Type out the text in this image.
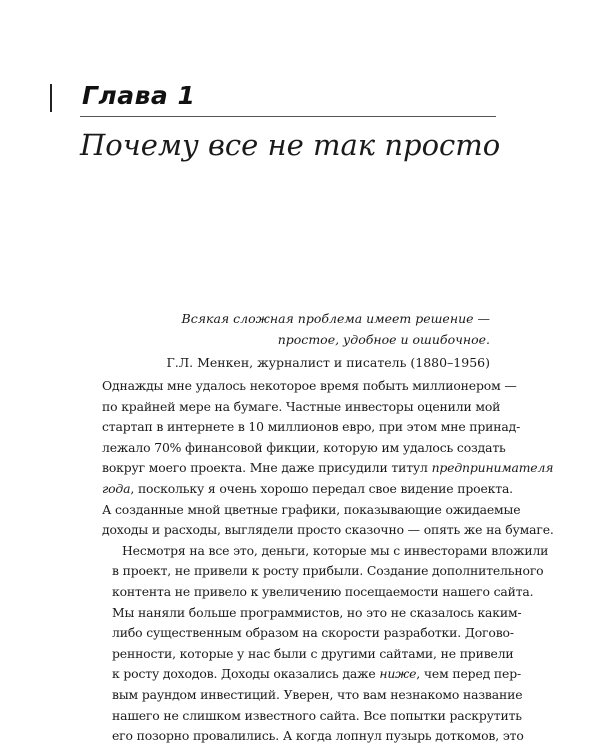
Глава 1
Почему все не так просто
Всякая сложная проблема имеет решение —
простое, удобное и ошибочное.
Г.Л. Менкен, журналист и писатель (1880–1956)

Однажды мне удалось некоторое время побыть миллионером —
по крайней мере на бумаге. Частные инвесторы оценили мой
стартап в интернете в 10 миллионов евро, при этом мне принад-
лежало 70% финансовой фикции, которую им удалось создать
вокруг моего проекта. Мне даже присудили титул предпринимателя
года, поскольку я очень хорошо передал свое видение проекта.
А созданные мной цветные графики, показывающие ожидаемые
доходы и расходы, выглядели просто сказочно — опять же на бумаге.

Несмотря на все это, деньги, которые мы с инвесторами вложили
в проект, не привели к росту прибыли. Создание дополнительного
контента не привело к увеличению посещаемости нашего сайта.
Мы наняли больше программистов, но это не сказалось каким-
либо существенным образом на скорости разработки. Догово-
ренности, которые у нас были с другими сайтами, не привели
к росту доходов. Доходы оказались даже ниже, чем перед пер-
вым раундом инвестиций. Уверен, что вам незнакомо название
нашего не слишком известного сайта. Все попытки раскрутить
его позорно провалились. А когда лопнул пузырь доткомов, это
